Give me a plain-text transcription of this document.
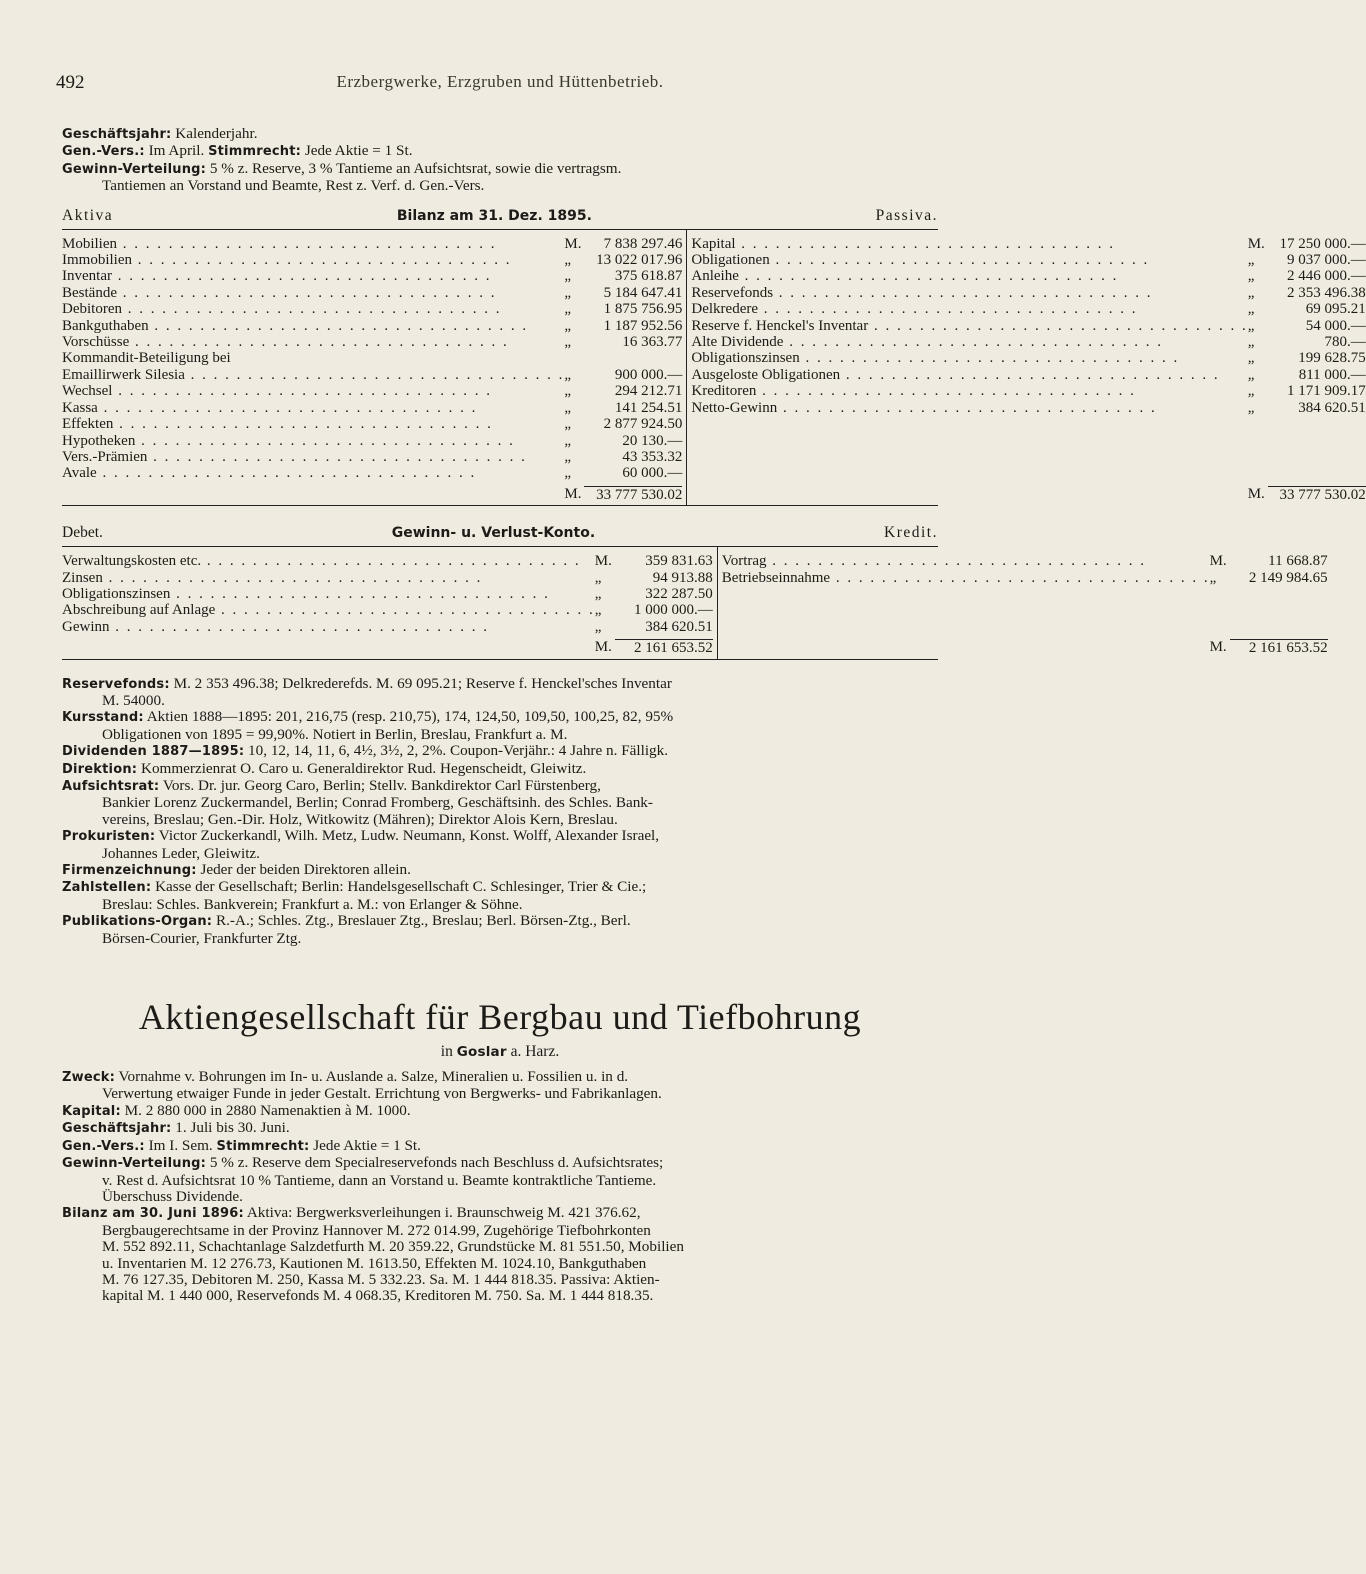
492	Erzbergwerke, Erzgruben und Hüttenbetrieb.

Geschäftsjahr: Kalenderjahr.

Gen.-Vers.: Im April. Stimmrecht: Jede Aktie = 1 St.

Gewinn-Verteilung: 5 % z. Reserve, 3 % Tantieme an Aufsichtsrat, sowie die vertragsm.
Tantiemen an Vorstand und Beamte, Rest z. Verf. d. Gen.-Vers.

Aktiva	Bilanz am 31. Dez. 1895.	Passiva.
Mobilien . . .	M.	7 838 297.46
Immobilien . . .	„	13 022 017.96
Inventar . . .	„	375 618.87
Bestände . . .	„	5 184 647.41
Debitoren . . .	„	1 875 756.95
Bankguthaben . . .	„	1 187 952.56
Vorschüsse . . .	„	16 363.77
Kommandit-Beteiligung bei
Emaillirwerk Silesia . . .	„	900 000.—
Wechsel . . .	„	294 212.71
Kassa . . .	„	141 254.51
Effekten . . .	„	2 877 924.50
Hypotheken . . .	„	20 130.—
Vers.-Prämien . . .	„	43 353.32
Avale . . .	„	60 000.—
M. 33 777 530.02
Kapital . . .	M. 17 250 000.—
Obligationen . . .	„	9 037 000.—
Anleihe . . .	„	2 446 000.—
Reservefonds . . .	„	2 353 496.38
Delkredere . . .	„	69 095.21
Reserve f. Henckel's Inventar . . .	„	54 000.—
Alte Dividende . . .	„	780.—
Obligationszinsen . . .	„	199 628.75
Ausgeloste Obligationen . . .	„	811 000.—
Kreditoren . . .	„	1 171 909.17
Netto-Gewinn . . .	„	384 620.51

M. 33 777 530.02
Debet.	Gewinn- u. Verlust-Konto.	Kredit.
Verwaltungskosten etc. . . .	M.	359 831.63
Zinsen . . .	„	94 913.88
Obligationszinsen . . .	„	322 287.50
Abschreibung auf Anlage . . .	„	1 000 000.—
Gewinn . . .	„	384 620.51
M.	2 161 653.52
Vortrag . . .	M.	11 668.87
Betriebseinnahme . . .	„	2 149 984.65

M.	2 161 653.52

Reservefonds: M. 2 353 496.38; Delkrederefds. M. 69 095.21; Reserve f. Henckel'sches Inventar
M. 54000.

Kursstand: Aktien 1888—1895: 201, 216,75 (resp. 210,75), 174, 124,50, 109,50, 100,25, 82, 95%
Obligationen von 1895 = 99,90%. Notiert in Berlin, Breslau, Frankfurt a. M.

Dividenden 1887—1895: 10, 12, 14, 11, 6, 4½, 3½, 2, 2%. Coupon-Verjähr.: 4 Jahre n. Fälligk.

Direktion: Kommerzienrat O. Caro u. Generaldirektor Rud. Hegenscheidt, Gleiwitz.

Aufsichtsrat: Vors. Dr. jur. Georg Caro, Berlin; Stellv. Bankdirektor Carl Fürstenberg,
Bankier Lorenz Zuckermandel, Berlin; Conrad Fromberg, Geschäftsinh. des Schles. Bank-
vereins, Breslau; Gen.-Dir. Holz, Witkowitz (Mähren); Direktor Alois Kern, Breslau.

Prokuristen: Victor Zuckerkandl, Wilh. Metz, Ludw. Neumann, Konst. Wolff, Alexander Israel,
Johannes Leder, Gleiwitz.

Firmenzeichnung: Jeder der beiden Direktoren allein.

Zahlstellen: Kasse der Gesellschaft; Berlin: Handelsgesellschaft C. Schlesinger, Trier & Cie.;
Breslau: Schles. Bankverein; Frankfurt a. M.: von Erlanger & Söhne.

Publikations-Organ: R.-A.; Schles. Ztg., Breslauer Ztg., Breslau; Berl. Börsen-Ztg., Berl.
Börsen-Courier, Frankfurter Ztg.

Aktiengesellschaft für Bergbau und Tiefbohrung
in Goslar a. Harz.

Zweck: Vornahme v. Bohrungen im In- u. Auslande a. Salze, Mineralien u. Fossilien u. in d.
Verwertung etwaiger Funde in jeder Gestalt. Errichtung von Bergwerks- und Fabrikanlagen.

Kapital: M. 2 880 000 in 2880 Namenaktien à M. 1000.

Geschäftsjahr: 1. Juli bis 30. Juni.

Gen.-Vers.: Im I. Sem. Stimmrecht: Jede Aktie = 1 St.

Gewinn-Verteilung: 5 % z. Reserve dem Specialreservefonds nach Beschluss d. Aufsichtsrates;
v. Rest d. Aufsichtsrat 10 % Tantieme, dann an Vorstand u. Beamte kontraktliche Tantieme.
Überschuss Dividende.

Bilanz am 30. Juni 1896: Aktiva: Bergwerksverleihungen i. Braunschweig M. 421 376.62,
Bergbaugerechtsame in der Provinz Hannover M. 272 014.99, Zugehörige Tiefbohrkonten
M. 552 892.11, Schachtanlage Salzdetfurth M. 20 359.22, Grundstücke M. 81 551.50, Mobilien
u. Inventarien M. 12 276.73, Kautionen M. 1613.50, Effekten M. 1024.10, Bankguthaben
M. 76 127.35, Debitoren M. 250, Kassa M. 5 332.23. Sa. M. 1 444 818.35. Passiva: Aktien-
kapital M. 1 440 000, Reservefonds M. 4 068.35, Kreditoren M. 750. Sa. M. 1 444 818.35.
